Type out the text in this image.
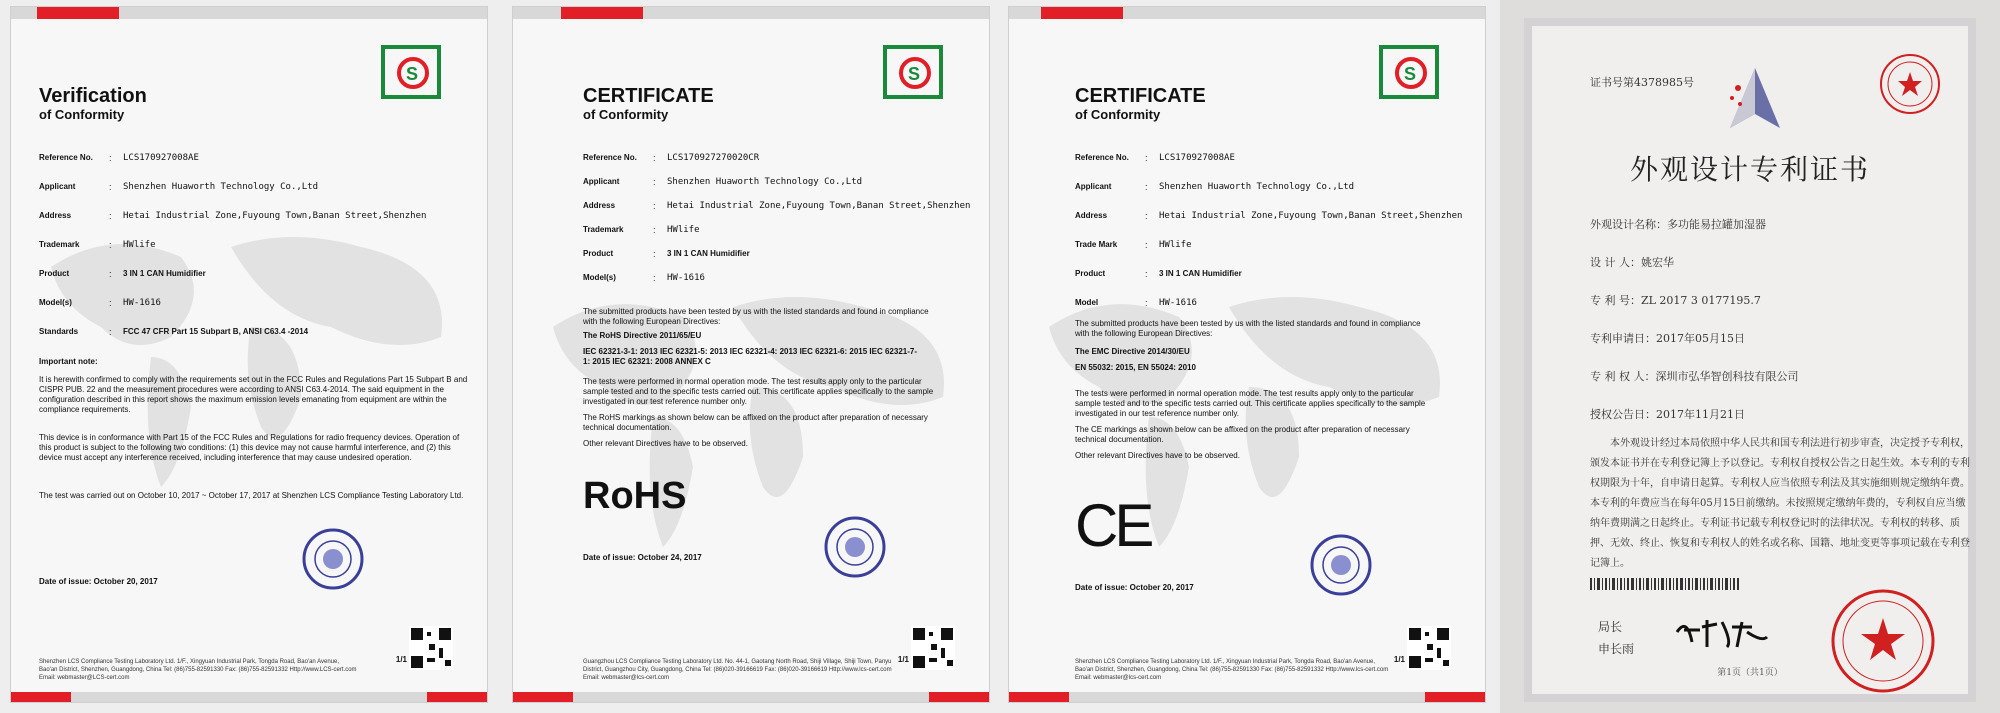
S
Verification
of Conformity
Reference No.	:	LCS170927008AE
Applicant	:	Shenzhen Huaworth Technology Co.,Ltd
Address	:	Hetai Industrial Zone,Fuyoung Town,Banan Street,Shenzhen
Trademark	:	HWlife
Product	:	3 IN 1 CAN Humidifier
Model(s)	:	HW-1616
Standards	:	FCC 47 CFR Part 15 Subpart B, ANSI C63.4 -2014
Important note:
It is herewith confirmed to comply with the requirements set out in the FCC Rules and Regulations Part 15 Subpart B and CISPR PUB. 22 and the measurement procedures were according to ANSI C63.4-2014. The said equipment in the configuration described in this report shows the maximum emission levels emanating from equipment are within the compliance requirements.
This device is in conformance with Part 15 of the FCC Rules and Regulations for radio frequency devices. Operation of this product is subject to the following two conditions: (1) this device may not cause harmful interference, and (2) this device must accept any interference received, including interference that may cause undesired operation.
The test was carried out on October 10, 2017 ~ October 17, 2017 at Shenzhen LCS Compliance Testing Laboratory Ltd.
Date of issue: October 20, 2017
Shenzhen LCS Compliance Testing Laboratory Ltd. 1/F., Xingyuan Industrial Park, Tongda Road, Bao'an Avenue, Bao'an District, Shenzhen, Guangdong, China Tel: (86)755-82591330 Fax: (86)755-82591332 Http://www.LCS-cert.com Email: webmaster@LCS-cert.com
1/1
S
CERTIFICATE
of Conformity
Reference No.	:	LCS170927270020CR
Applicant	:	Shenzhen Huaworth Technology Co.,Ltd
Address	:	Hetai Industrial Zone,Fuyoung Town,Banan Street,Shenzhen
Trademark	:	HWlife
Product	:	3 IN 1 CAN Humidifier
Model(s)	:	HW-1616
The submitted products have been tested by us with the listed standards and found in compliance with the following European Directives:
The RoHS Directive 2011/65/EU
IEC 62321-3-1: 2013 IEC 62321-5: 2013 IEC 62321-4: 2013 IEC 62321-6: 2015 IEC 62321-7-1: 2015 IEC 62321: 2008 ANNEX C
The tests were performed in normal operation mode. The test results apply only to the particular sample tested and to the specific tests carried out. This certificate applies specifically to the sample investigated in our test reference number only.
The RoHS markings as shown below can be affixed on the product after preparation of necessary technical documentation.
Other relevant Directives have to be observed.
RoHS
Date of issue: October 24, 2017
Guangzhou LCS Compliance Testing Laboratory Ltd. No. 44-1, Gaotang North Road, Shiji Village, Shiji Town, Panyu District, Guangzhou City, Guangdong, China Tel: (86)020-39166619 Fax: (86)020-39166619 Http://www.lcs-cert.com Email: webmaster@lcs-cert.com
1/1
S
CERTIFICATE
of Conformity
Reference No.	:	LCS170927008AE
Applicant	:	Shenzhen Huaworth Technology Co.,Ltd
Address	:	Hetai Industrial Zone,Fuyoung Town,Banan Street,Shenzhen
Trade Mark	:	HWlife
Product	:	3 IN 1 CAN Humidifier
Model	:	HW-1616
The submitted products have been tested by us with the listed standards and found in compliance with the following European Directives:
The EMC Directive 2014/30/EU
EN 55032: 2015, EN 55024: 2010
The tests were performed in normal operation mode. The test results apply only to the particular sample tested and to the specific tests carried out. This certificate applies specifically to the sample investigated in our test reference number only.
The CE markings as shown below can be affixed on the product after preparation of necessary technical documentation.
Other relevant Directives have to be observed.
CE
Date of issue: October 20, 2017
Shenzhen LCS Compliance Testing Laboratory Ltd. 1/F., Xingyuan Industrial Park, Tongda Road, Bao'an Avenue, Bao'an District, Shenzhen, Guangdong, China Tel: (86)755-82591330 Fax: (86)755-82591332 Http://www.lcs-cert.com Email: webmaster@lcs-cert.com
1/1
证书号第4378985号
外观设计专利证书
外观设计名称：多功能易拉罐加湿器
设 计 人：姚宏华
专 利 号：ZL 2017 3 0177195.7
专利申请日：2017年05月15日
专 利 权 人：深圳市弘华智创科技有限公司
授权公告日：2017年11月21日
本外观设计经过本局依照中华人民共和国专利法进行初步审查，决定授予专利权，颁发本证书并在专利登记簿上予以登记。专利权自授权公告之日起生效。本专利的专利权期限为十年，自申请日起算。专利权人应当依照专利法及其实施细则规定缴纳年费。本专利的年费应当在每年05月15日前缴纳。未按照规定缴纳年费的，专利权自应当缴纳年费期满之日起终止。专利证书记载专利权登记时的法律状况。专利权的转移、质押、无效、终止、恢复和专利权人的姓名或名称、国籍、地址变更等事项记载在专利登记簿上。
局长
申长雨
第1页（共1页）
